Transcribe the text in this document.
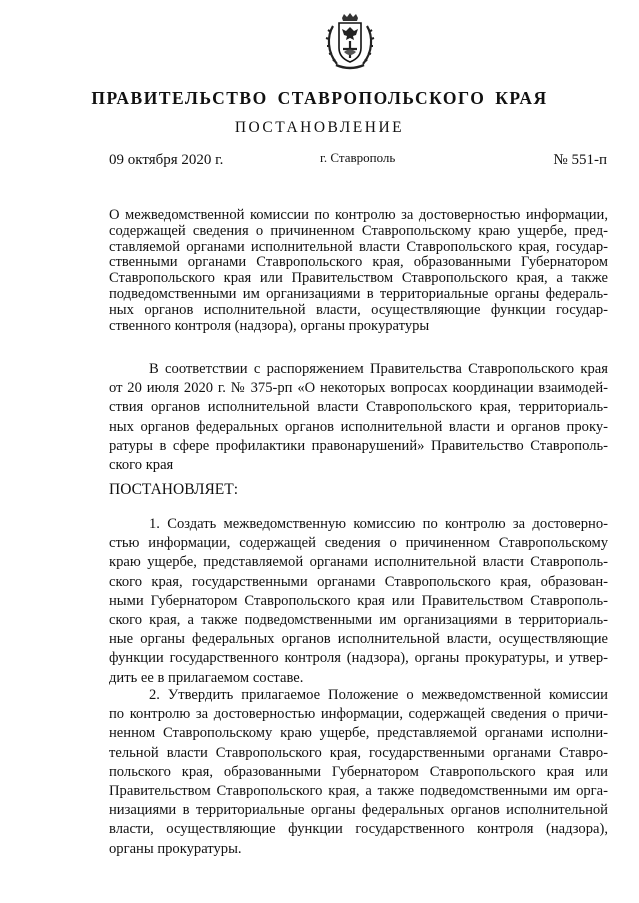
ПРАВИТЕЛЬСТВО СТАВРОПОЛЬСКОГО КРАЯ
ПОСТАНОВЛЕНИЕ
09 октября 2020 г.	г. Ставрополь	№ 551-п
О межведомственной комиссии по контролю за достоверностью информации,
содержащей сведения о причиненном Ставропольскому краю ущербе, пред-
ставляемой органами исполнительной власти Ставропольского края, государ-
ственными органами Ставропольского края, образованными Губернатором
Ставропольского края или Правительством Ставропольского края, а также
подведомственными им организациями в территориальные органы федераль-
ных органов исполнительной власти, осуществляющие функции государ-
ственного контроля (надзора), органы прокуратуры
В соответствии с распоряжением Правительства Ставропольского края
от 20 июля 2020 г. № 375-рп «О некоторых вопросах координации взаимодей-
ствия органов исполнительной власти Ставропольского края, территориаль-
ных органов федеральных органов исполнительной власти и органов проку-
ратуры в сфере профилактики правонарушений» Правительство Ставрополь-
ского края
ПОСТАНОВЛЯЕТ:
1. Создать межведомственную комиссию по контролю за достоверно-
стью информации, содержащей сведения о причиненном Ставропольскому
краю ущербе, представляемой органами исполнительной власти Ставрополь-
ского края, государственными органами Ставропольского края, образован-
ными Губернатором Ставропольского края или Правительством Ставрополь-
ского края, а также подведомственными им организациями в территориаль-
ные органы федеральных органов исполнительной власти, осуществляющие
функции государственного контроля (надзора), органы прокуратуры, и утвер-
дить ее в прилагаемом составе.
2. Утвердить прилагаемое Положение о межведомственной комиссии
по контролю за достоверностью информации, содержащей сведения о причи-
ненном Ставропольскому краю ущербе, представляемой органами исполни-
тельной власти Ставропольского края, государственными органами Ставро-
польского края, образованными Губернатором Ставропольского края или
Правительством Ставропольского края, а также подведомственными им орга-
низациями в территориальные органы федеральных органов исполнительной
власти, осуществляющие функции государственного контроля (надзора),
органы прокуратуры.
